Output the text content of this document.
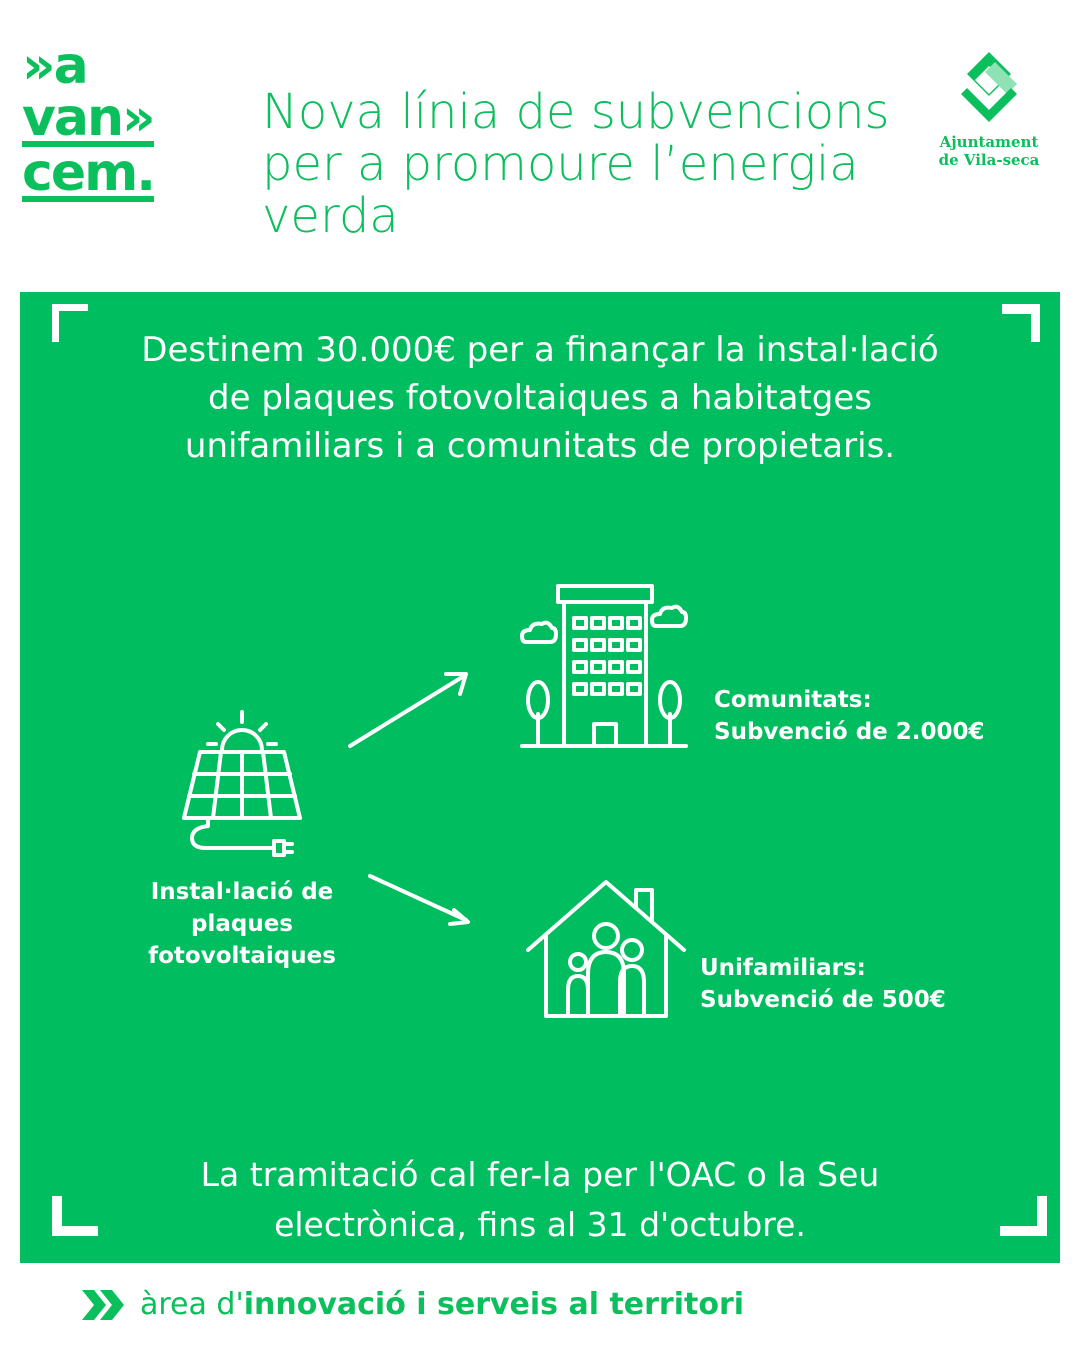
»a
van»
cem.
Nova línia de subvencions
per a promoure l’energia
verda
Ajuntament
de Vila-seca
Destinem 30.000€ per a finançar la instal·lació
de plaques fotovoltaiques a habitatges
unifamiliars i a comunitats de propietaris.
Instal·lació de
plaques
fotovoltaiques
Comunitats:
Subvenció de 2.000€
Unifamiliars:
Subvenció de 500€
La tramitació cal fer-la per l'OAC o la Seu
electrònica, fins al 31 d'octubre.
àrea d' innovació i serveis al territori
